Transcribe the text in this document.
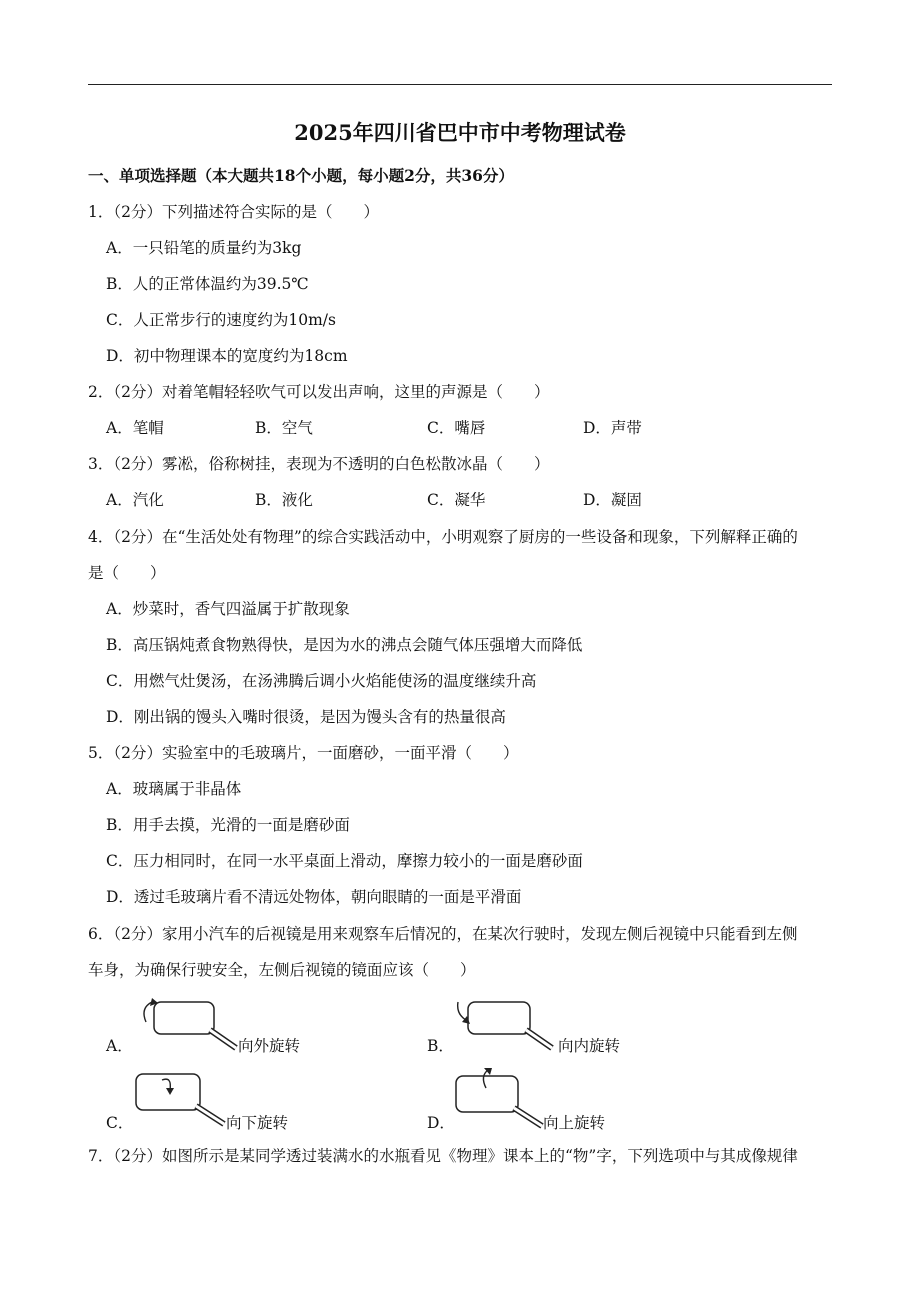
2025年四川省巴中市中考物理试卷
一、单项选择题（本大题共18个小题，每小题2分，共36分）
1．（2分）下列描述符合实际的是（　　）
A．一只铅笔的质量约为3kg
B．人的正常体温约为39.5℃
C．人正常步行的速度约为10m/s
D．初中物理课本的宽度约为18cm
2．（2分）对着笔帽轻轻吹气可以发出声响，这里的声源是（　　）
A．笔帽	B．空气	C．嘴唇	D．声带
3．（2分）雾凇，俗称树挂，表现为不透明的白色松散冰晶（　　）
A．汽化	B．液化	C．凝华	D．凝固
4．（2分）在“生活处处有物理”的综合实践活动中，小明观察了厨房的一些设备和现象，下列解释正确的
是（　　）
A．炒菜时，香气四溢属于扩散现象
B．高压锅炖煮食物熟得快，是因为水的沸点会随气体压强增大而降低
C．用燃气灶煲汤，在汤沸腾后调小火焰能使汤的温度继续升高
D．刚出锅的馒头入嘴时很烫，是因为馒头含有的热量很高
5．（2分）实验室中的毛玻璃片，一面磨砂，一面平滑（　　）
A．玻璃属于非晶体
B．用手去摸，光滑的一面是磨砂面
C．压力相同时，在同一水平桌面上滑动，摩擦力较小的一面是磨砂面
D．透过毛玻璃片看不清远处物体，朝向眼睛的一面是平滑面
6．（2分）家用小汽车的后视镜是用来观察车后情况的，在某次行驶时，发现左侧后视镜中只能看到左侧
车身，为确保行驶安全，左侧后视镜的镜面应该（　　）
A．	向外旋转	B．	向内旋转
C．	向下旋转	D．	向上旋转
7．（2分）如图所示是某同学透过装满水的水瓶看见《物理》课本上的“物”字，下列选项中与其成像规律
